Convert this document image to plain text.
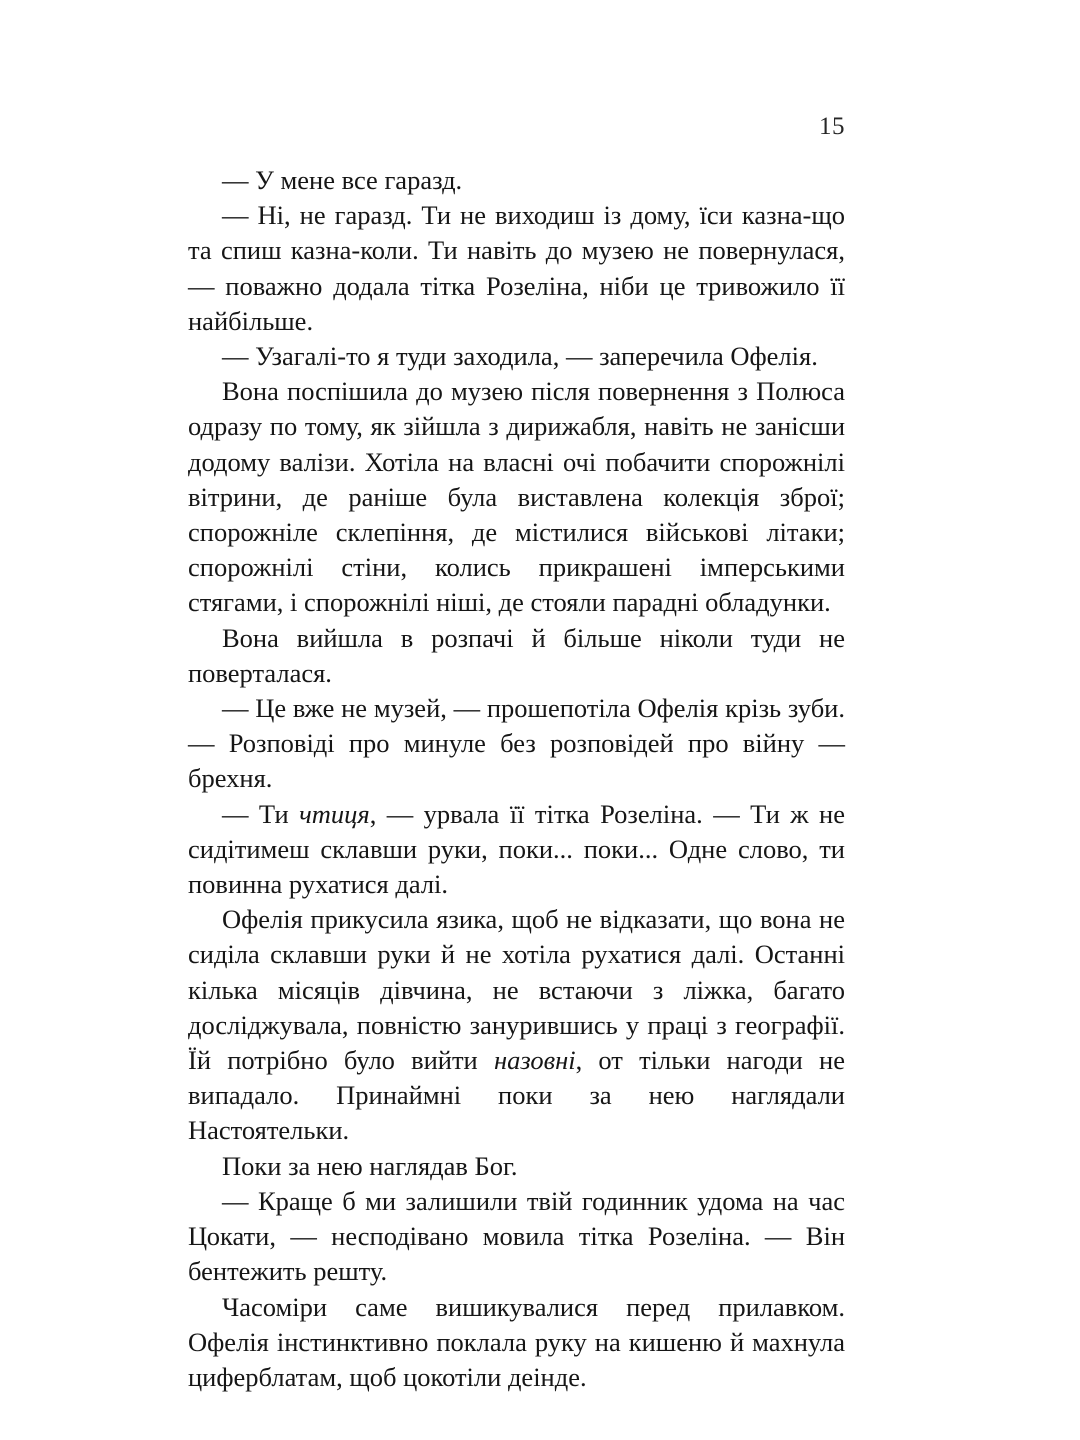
15

— У мене все гаразд.

— Ні, не гаразд. Ти не виходиш із дому, їси казна-що та спиш казна-коли. Ти навіть до музею не повернулася, — поважно додала тітка Розеліна, ніби це тривожило її найбільше.

— Узагалі-то я туди заходила, — заперечила Офелія.

Вона поспішила до музею після повернення з Полюса одразу по тому, як зійшла з дирижабля, навіть не занісши додому валізи. Хотіла на власні очі побачити спорожнілі вітрини, де раніше була виставлена колекція зброї; спорожніле склепіння, де містилися військові літаки; спорожнілі стіни, колись прикрашені імперськими стягами, і спорожнілі ніші, де стояли парадні обладунки.

Вона вийшла в розпачі й більше ніколи туди не поверталася.

— Це вже не музей, — прошепотіла Офелія крізь зуби. — Розповіді про минуле без розповідей про війну — брехня.

— Ти чтиця, — урвала її тітка Розеліна. — Ти ж не сидітимеш склавши руки, поки... поки... Одне слово, ти повинна рухатися далі.

Офелія прикусила язика, щоб не відказати, що вона не сиділа склавши руки й не хотіла рухатися далі. Останні кілька місяців дівчина, не встаючи з ліжка, багато досліджувала, повністю занурившись у праці з географії. Їй потрібно було вийти назовні, от тільки нагоди не випадало. Принаймні поки за нею наглядали Настоятельки.

Поки за нею наглядав Бог.

— Краще б ми залишили твій годинник удома на час Цокати, — несподівано мовила тітка Розеліна. — Він бентежить решту.

Часоміри саме вишикувалися перед прилавком. Офелія інстинктивно поклала руку на кишеню й махнула циферблатам, щоб цокотіли деінде.
